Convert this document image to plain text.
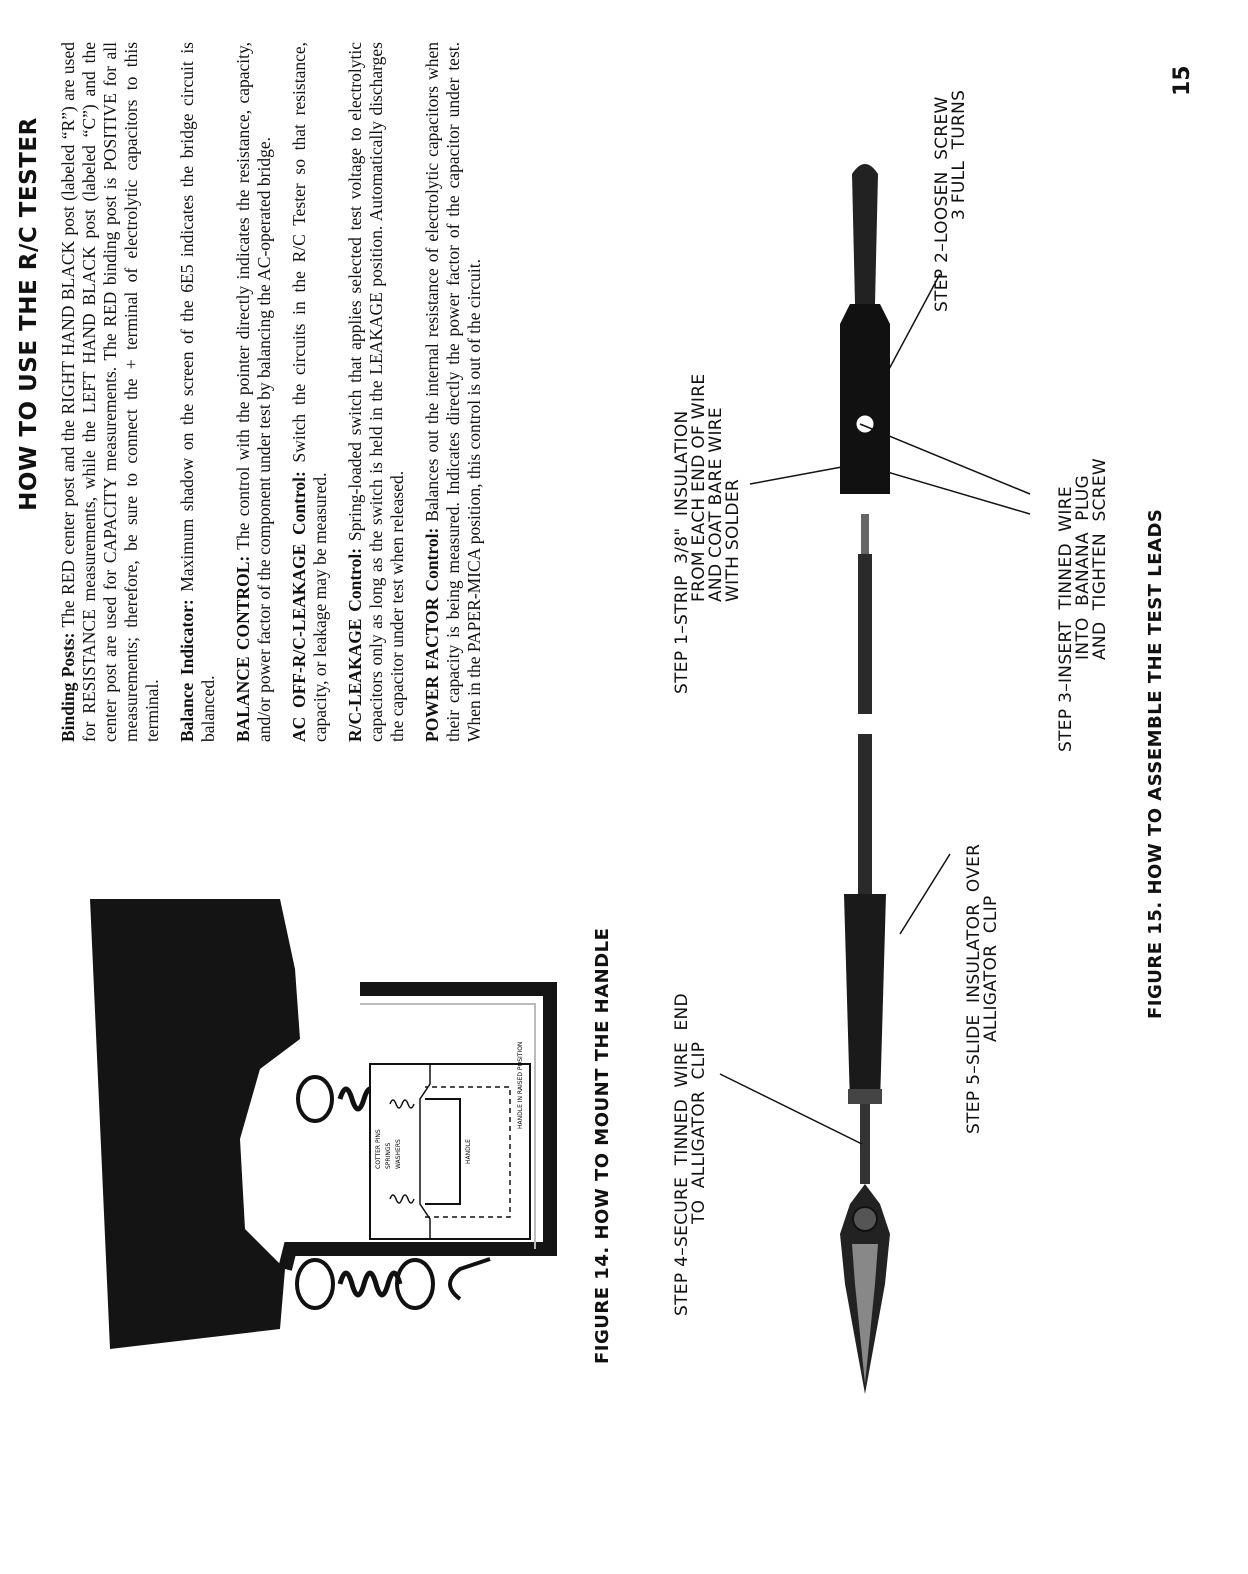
HOW TO USE THE R/C TESTER

Binding Posts: The RED center post and the RIGHT HAND BLACK post (labeled “R”) are used for RESISTANCE measurements, while the LEFT HAND BLACK post (labeled “C”) and the center post are used for CAPACITY measurements. The RED binding post is POSITIVE for all measurements; therefore, be sure to connect the + terminal of electrolytic capacitors to this terminal. Balance Indicator: Maximum shadow on the screen of the 6E5 indicates the bridge circuit is balanced. BALANCE CONTROL: The control with the pointer directly indicates the resistance, capacity, and/or power factor of the component under test by balancing the AC-operated bridge. AC OFF-R/C-LEAKAGE Control: Switch the circuits in the R/C Tester so that resistance, capacity, or leakage may be measured. R/C-LEAKAGE Control: Spring-loaded switch that applies selected test voltage to electrolytic capacitors only as long as the switch is held in the LEAKAGE position. Automatically discharges the capacitor under test when released. POWER FACTOR Control: Balances out the internal resistance of electrolytic capacitors when their capacity is being measured. Indicates directly the power factor of the capacitor under test. When in the PAPER-MICA position, this control is out of the circuit.

HANDLE IN RAISED POSITION
HANDLE
WASHERS
SPRINGS
COTTER PINS	FIGURE 14. HOW TO MOUNT THE HANDLE
STEP 1–STRIP  3/8"  INSULATION
FROM EACH END OF WIRE
AND COAT BARE WIRE
WITH SOLDER
STEP 2–LOOSEN  SCREW
3 FULL  TURNS
STEP 3–INSERT  TINNED  WIRE
INTO  BANANA  PLUG
AND  TIGHTEN  SCREW
STEP 4–SECURE  TINNED  WIRE  END
TO  ALLIGATOR  CLIP	STEP 5–SLIDE  INSULATOR  OVER
ALLIGATOR  CLIP	FIGURE 15. HOW TO ASSEMBLE THE TEST LEADS
15
